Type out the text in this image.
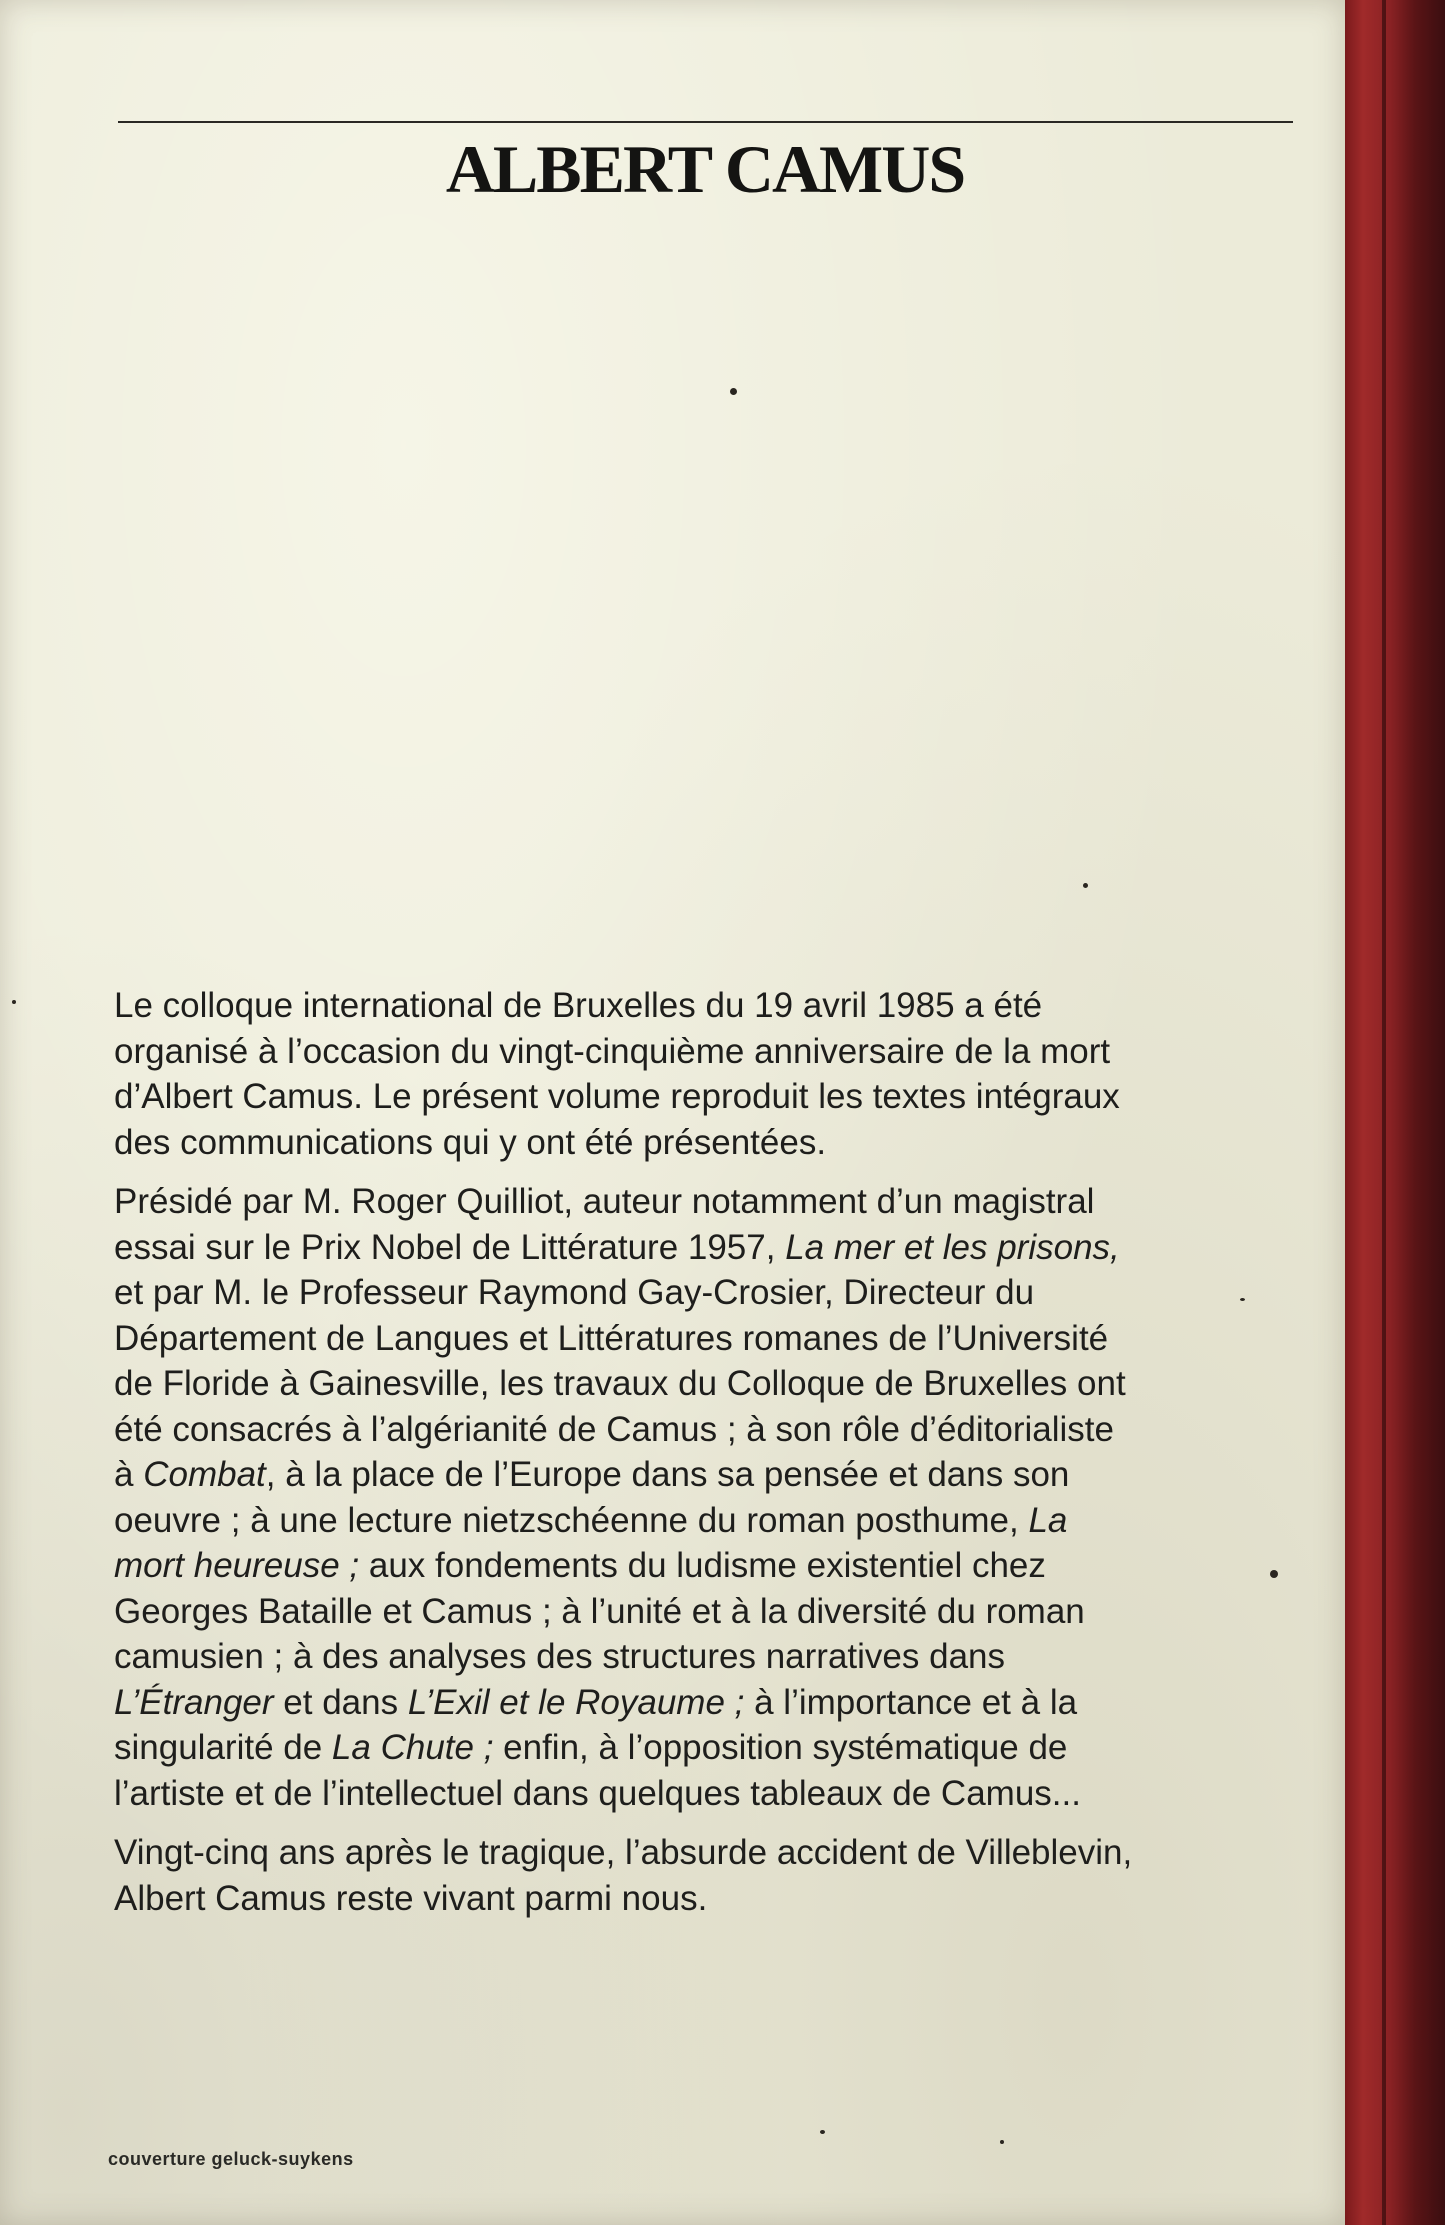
ALBERT CAMUS

Le colloque international de Bruxelles du 19 avril 1985 a été
organisé à l’occasion du vingt-cinquième anniversaire de la mort
d’Albert Camus. Le présent volume reproduit les textes intégraux
des communications qui y ont été présentées.

Présidé par M. Roger Quilliot, auteur notamment d’un magistral
essai sur le Prix Nobel de Littérature 1957, La mer et les prisons,
et par M. le Professeur Raymond Gay-Crosier, Directeur du
Département de Langues et Littératures romanes de l’Université
de Floride à Gainesville, les travaux du Colloque de Bruxelles ont
été consacrés à l’algérianité de Camus ; à son rôle d’éditorialiste
à Combat, à la place de l’Europe dans sa pensée et dans son
oeuvre ; à une lecture nietzschéenne du roman posthume, La
mort heureuse ; aux fondements du ludisme existentiel chez
Georges Bataille et Camus ; à l’unité et à la diversité du roman
camusien ; à des analyses des structures narratives dans
L’Étranger et dans L’Exil et le Royaume ; à l’importance et à la
singularité de La Chute ; enfin, à l’opposition systématique de
l’artiste et de l’intellectuel dans quelques tableaux de Camus...

Vingt-cinq ans après le tragique, l’absurde accident de Villeblevin,
Albert Camus reste vivant parmi nous.

couverture geluck-suykens
